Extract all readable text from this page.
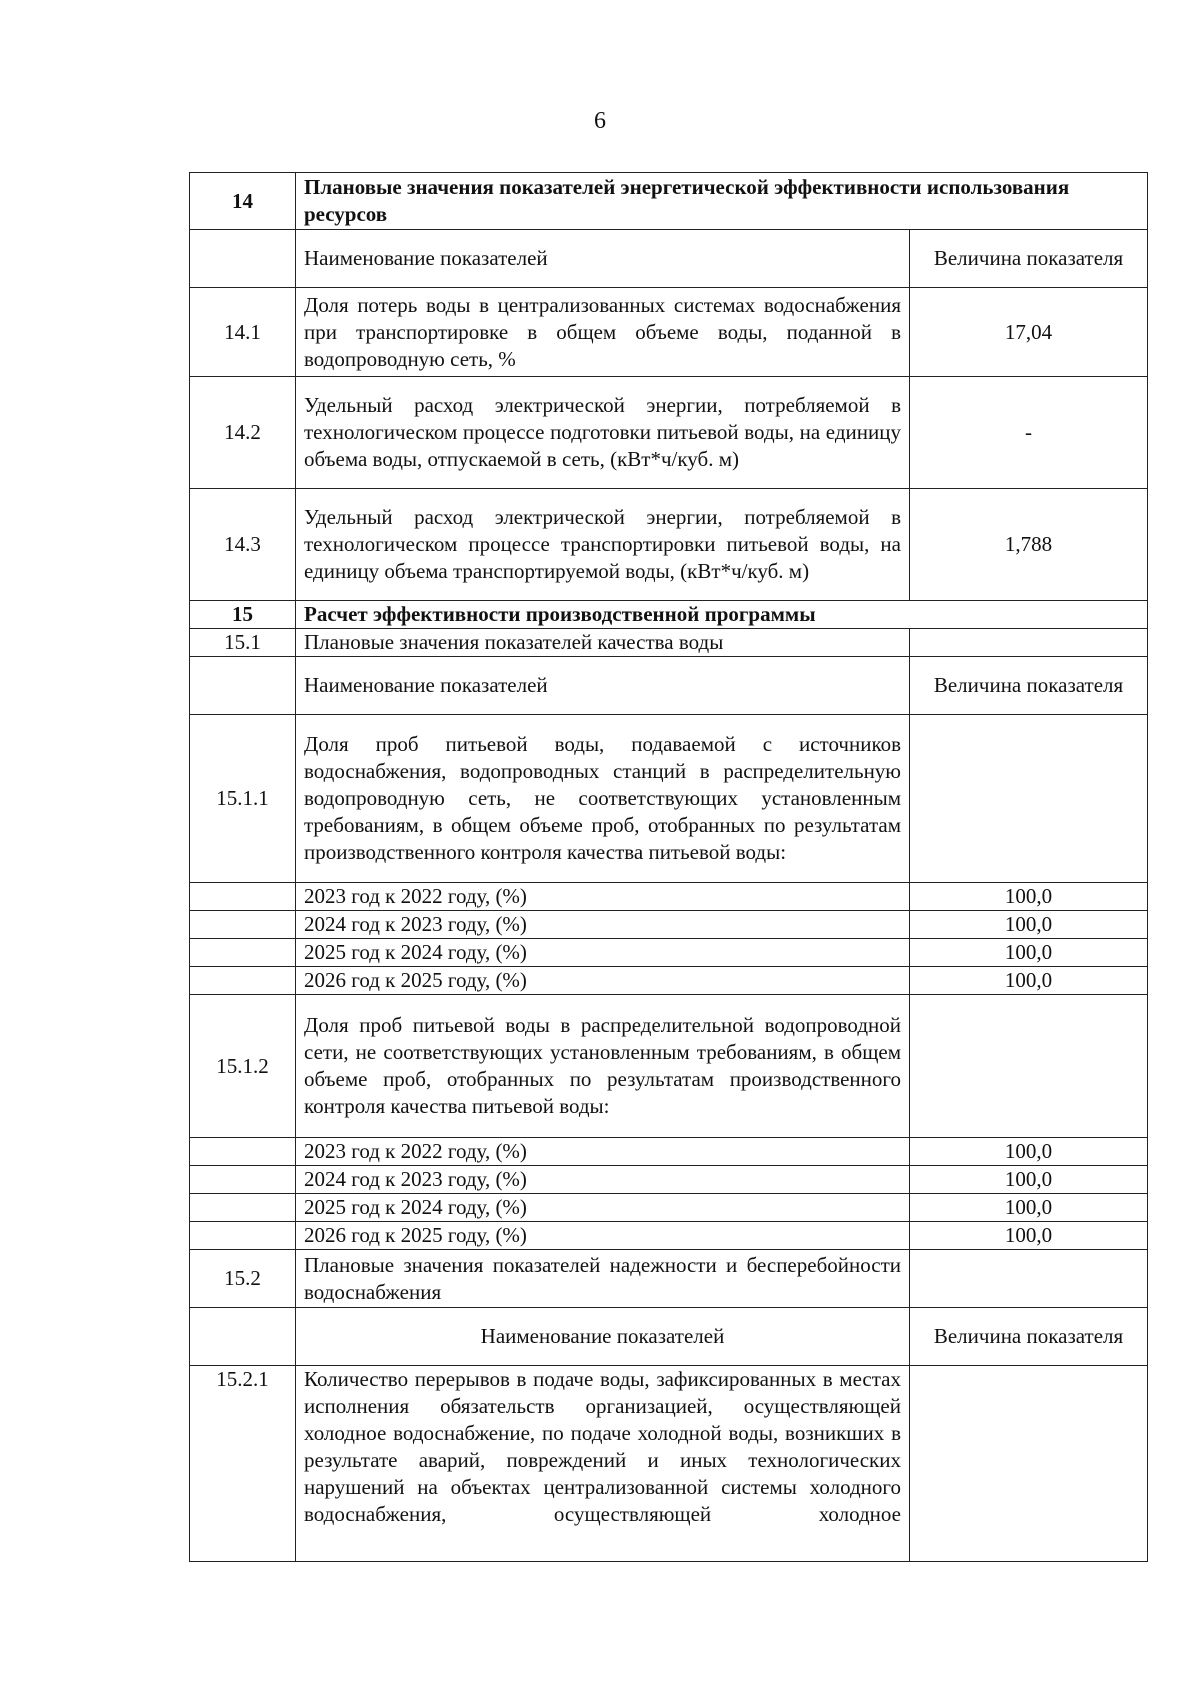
6
14	Плановые значения показателей энергетической эффективности использования ресурсов	
	Наименование показателей	Величина показателя
14.1	Доля потерь воды в централизованных системах водоснабжения при транспортировке в общем объеме воды, поданной в водопроводную сеть, %	17,04
14.2	Удельный расход электрической энергии, потребляемой в технологическом процессе подготовки питьевой воды, на единицу объема воды, отпускаемой в сеть, (кВт*ч/куб. м)	-
14.3	Удельный расход электрической энергии, потребляемой в технологическом процессе транспортировки питьевой воды, на единицу объема транспортируемой воды, (кВт*ч/куб. м)	1,788
15	Расчет эффективности производственной программы	
15.1	Плановые значения показателей качества воды	
	Наименование показателей	Величина показателя
15.1.1	Доля проб питьевой воды, подаваемой с источников водоснабжения, водопроводных станций в распределительную водопроводную сеть, не соответствующих установленным требованиям, в общем объеме проб, отобранных по результатам производственного контроля качества питьевой воды:	
	2023 год к 2022 году, (%)	100,0
	2024 год к 2023 году, (%)	100,0
	2025 год к 2024 году, (%)	100,0
	2026 год к 2025 году, (%)	100,0
15.1.2	Доля проб питьевой воды в распределительной водопроводной сети, не соответствующих установленным требованиям, в общем объеме проб, отобранных по результатам производственного контроля качества питьевой воды:	
	2023 год к 2022 году, (%)	100,0
	2024 год к 2023 году, (%)	100,0
	2025 год к 2024 году, (%)	100,0
	2026 год к 2025 году, (%)	100,0
15.2	Плановые значения показателей надежности и бесперебойности водоснабжения	
	Наименование показателей	Величина показателя
15.2.1	Количество перерывов в подаче воды, зафиксированных в местах исполнения обязательств организацией, осуществляющей холодное водоснабжение, по подаче холодной воды, возникших в результате аварий, повреждений и иных технологических нарушений на объектах централизованной системы холодного водоснабжения, осуществляющей холодное	
